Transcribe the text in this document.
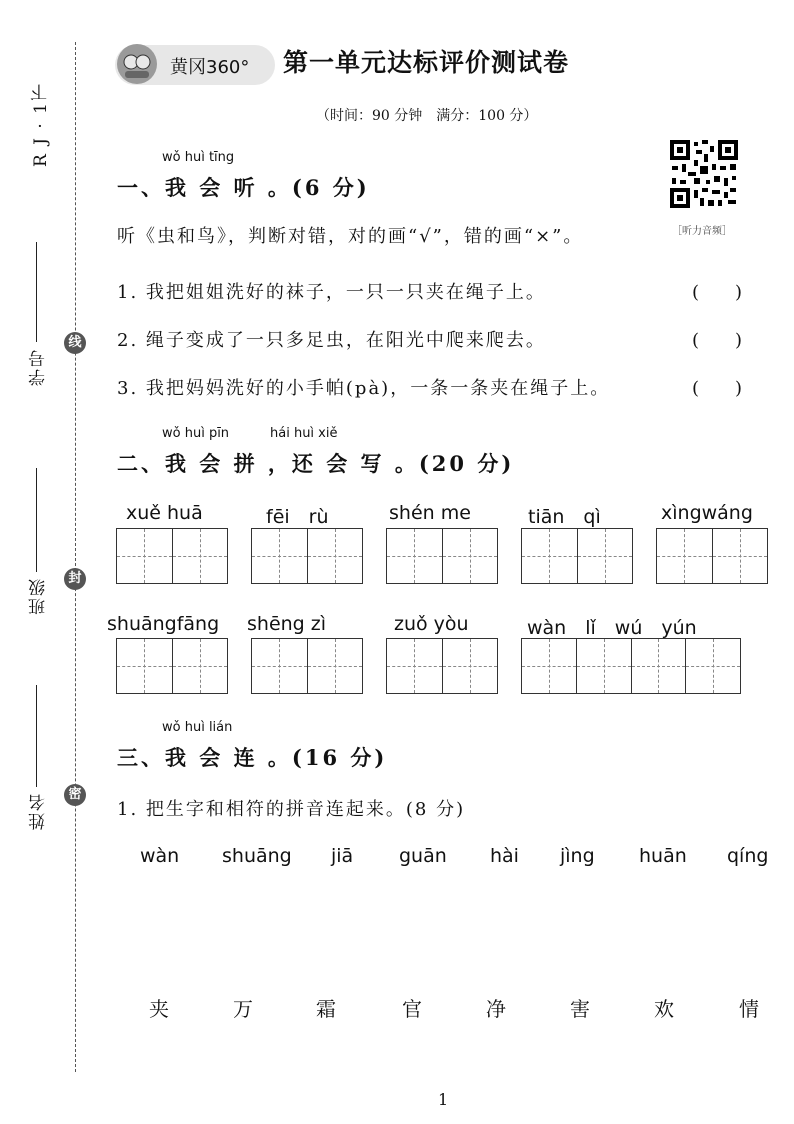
R J · 1下
学号
班级
姓名
线
封
密
黄冈360° 第一单元达标评价测试卷
（时间：90 分钟　满分：100 分）
［听力音频］
wǒ huì tīng
一、我 会 听 。(6 分)
听《虫和鸟》，判断对错，对的画“√”，错的画“×”。
1. 我把姐姐洗好的袜子，一只一只夹在绳子上。	(　　)
2. 绳子变成了一只多足虫，在阳光中爬来爬去。	(　　)
3. 我把妈妈洗好的小手帕(pà)，一条一条夹在绳子上。	(　　)
wǒ huì pīn	hái huì xiě
二、我 会 拼 ，还 会 写 。(20 分)
xuě huā	fēi　rù	shén me	tiān　qì	xìngwáng
shuāngfāng shēng zì	zuǒ yòu	wàn　lǐ　wú　yún
wǒ huì lián
三、我 会 连 。(16 分)
1. 把生字和相符的拼音连起来。(8 分)
wàn shuāng jiā guān hài jìng huān qíng
夹	万	霜	官	净	害	欢	情
1
